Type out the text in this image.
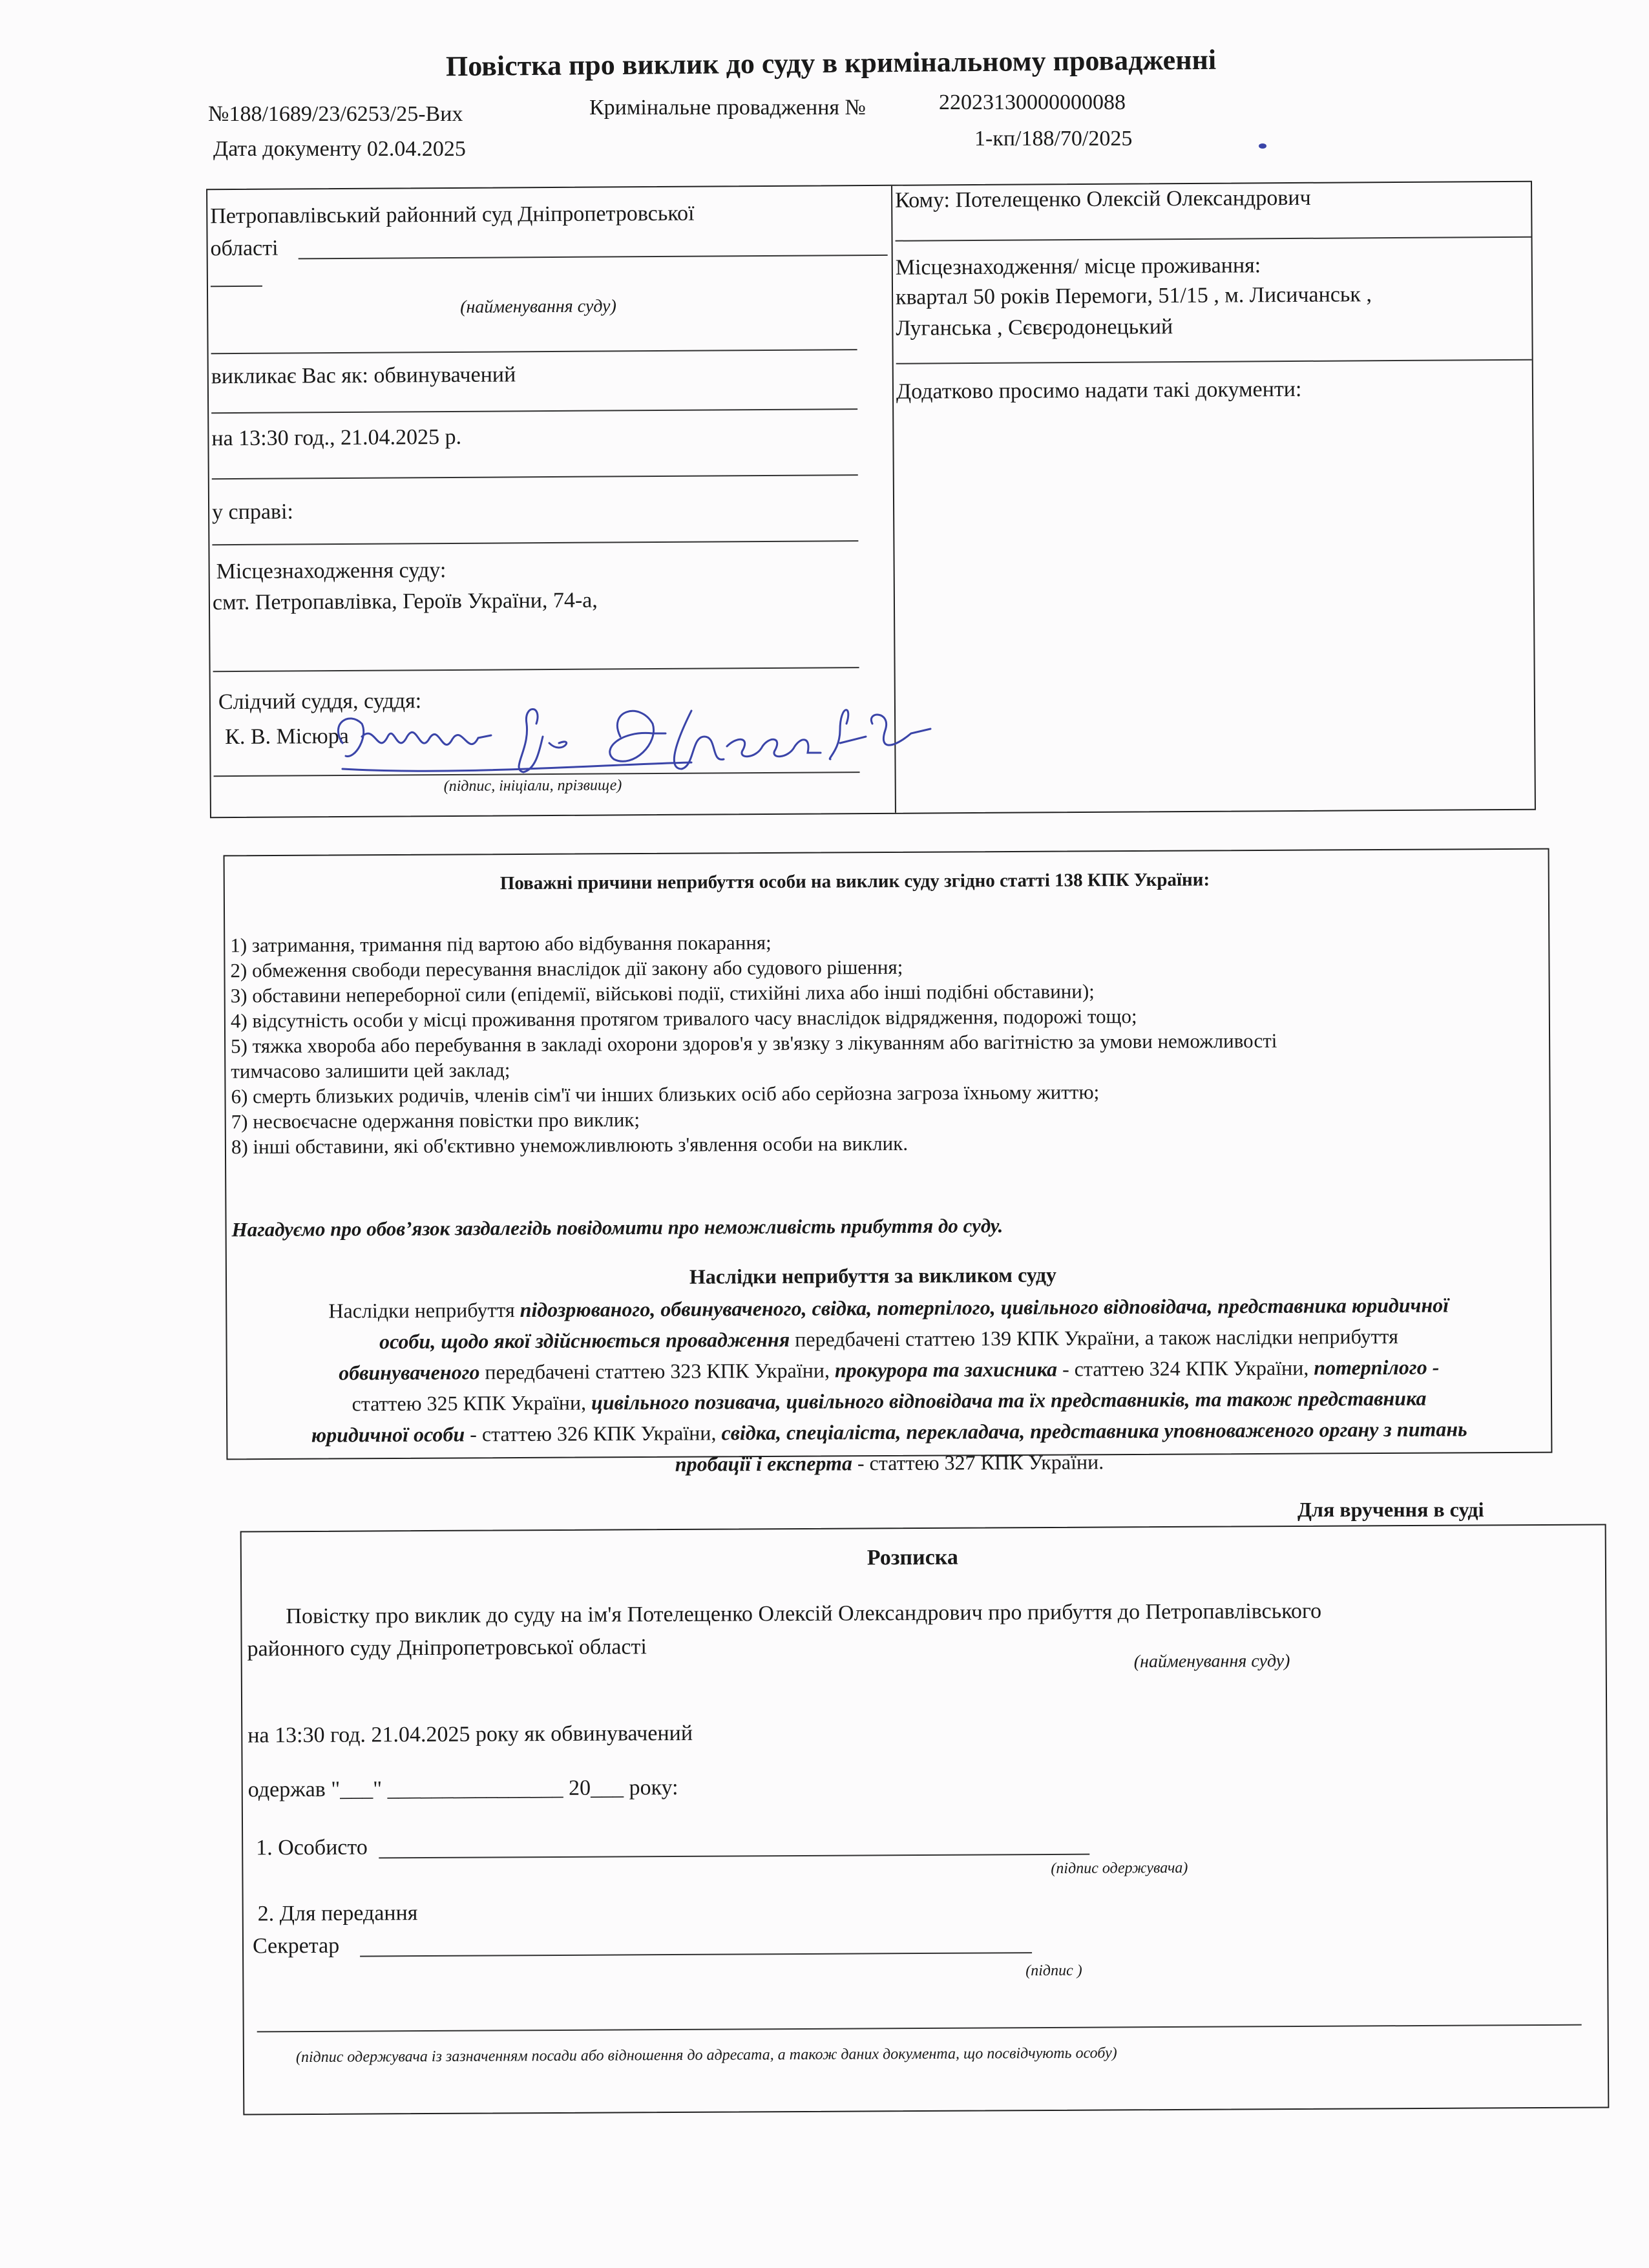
Повістка про виклик до суду в кримінальному провадженні
№188/1689/23/6253/25-Вих	Кримінальне провадження №	22023130000000088
Дата документу 02.04.2025	1-кп/188/70/2025
Петропавлівський районний суд Дніпропетровської
області
(найменування суду)
викликає Вас як: обвинувачений
на 13:30 год., 21.04.2025 р.
у справі:
Місцезнаходження суду:
смт. Петропавлівка, Героїв України, 74-а,
Слідчий суддя, суддя:
К. В. Місюра
(підпис, ініціали, прізвище)
Кому: Потелещенко Олексій Олександрович
Місцезнаходження/ місце проживання:
квартал 50 років Перемоги, 51/15 , м. Лисичанськ ,
Луганська , Сєвєродонецький
Додатково просимо надати такі документи:
Поважні причини неприбуття особи на виклик суду згідно статті 138 КПК України:
1) затримання, тримання під вартою або відбування покарання;
2) обмеження свободи пересування внаслідок дії закону або судового рішення;
3) обставини непереборної сили (епідемії, військові події, стихійні лиха або інші подібні обставини);
4) відсутність особи у місці проживання протягом тривалого часу внаслідок відрядження, подорожі тощо;
5) тяжка хвороба або перебування в закладі охорони здоров'я у зв'язку з лікуванням або вагітністю за умови неможливості
тимчасово залишити цей заклад;
6) смерть близьких родичів, членів сім'ї чи інших близьких осіб або серйозна загроза їхньому життю;
7) несвоєчасне одержання повістки про виклик;
8) інші обставини, які об'єктивно унеможливлюють з'явлення особи на виклик.
Нагадуємо про обов’язок заздалегідь повідомити про неможливість прибуття до суду.
Наслідки неприбуття за викликом суду

Наслідки неприбуття підозрюваного, обвинуваченого, свідка, потерпілого, цивільного відповідача, представника юридичної

особи, щодо якої здійснюється провадження передбачені статтею 139 КПК України, а також наслідки неприбуття

обвинуваченого передбачені статтею 323 КПК України, прокурора та захисника - статтею 324 КПК України, потерпілого -

статтею 325 КПК України, цивільного позивача, цивільного відповідача та їх представників, та також представника

юридичної особи - статтею 326 КПК України, свідка, спеціаліста, перекладача, представника уповноваженого органу з питань

пробації і експерта - статтею 327 КПК України.

Для вручення в суді
Розписка
Повістку про виклик до суду на ім'я Потелещенко Олексій Олександрович про прибуття до Петропавлівського
районного суду Дніпропетровської області
(найменування суду)
на 13:30 год. 21.04.2025 року як обвинувачений
одержав "___" ________________ 20___ року:
1. Особисто
(підпис одержувача)
2. Для передання
Секретар
(підпис )
(підпис одержувача із зазначенням посади або відношення до адресата, а також даних документа, що посвідчують особу)
